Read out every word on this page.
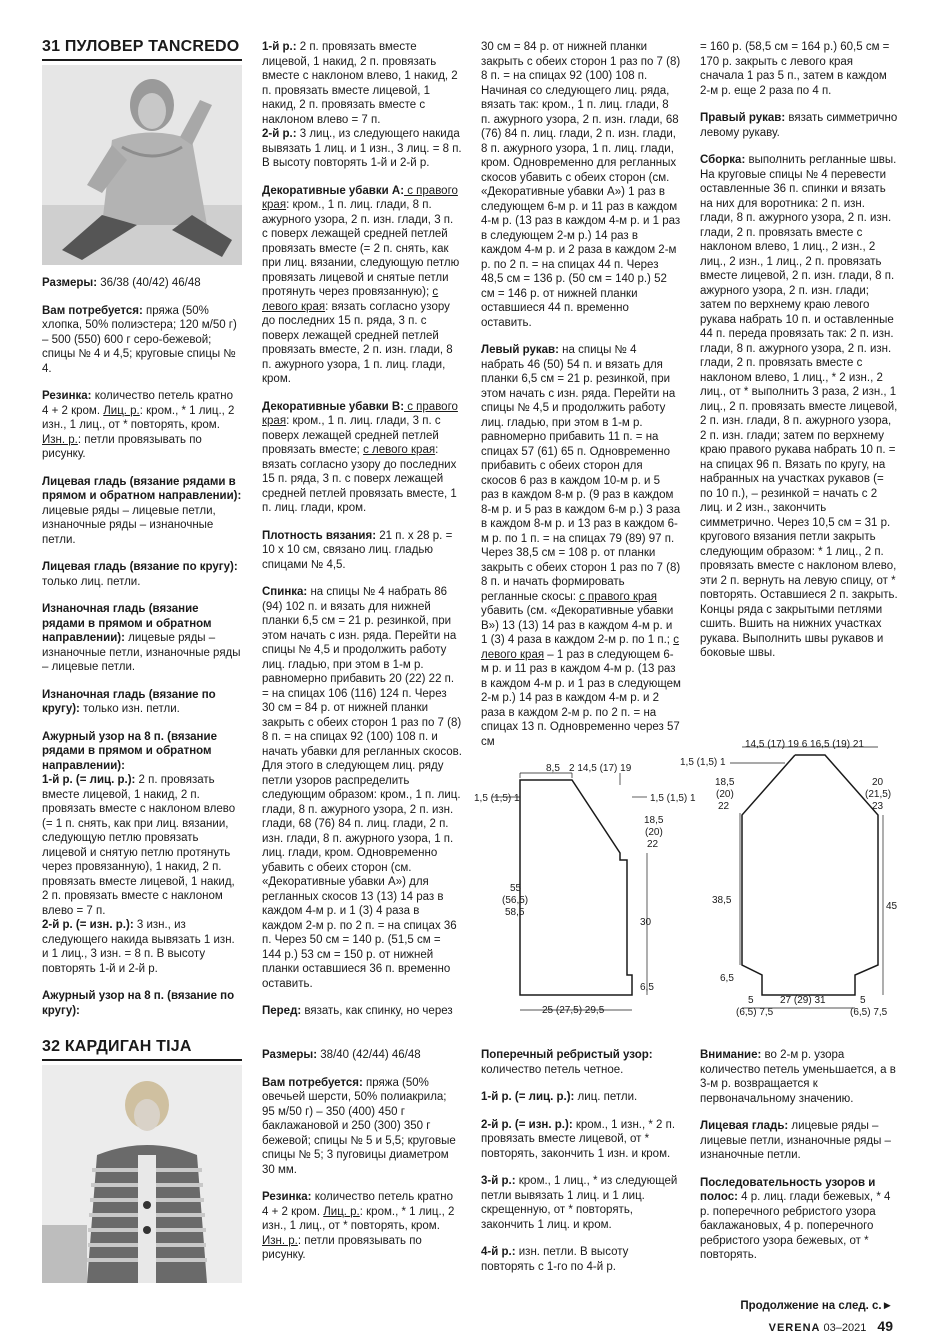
31 ПУЛОВЕР TANCREDO

Размеры: 36/38 (40/42) 46/48

Вам потребуется: пряжа (50% хлопка, 50% полиэстера; 120 м/50 г) – 500 (550) 600 г серо-бежевой; спицы № 4 и 4,5; круговые спицы № 4.

Резинка: количество петель кратно 4 + 2 кром. Лиц. р.: кром., * 1 лиц., 2 изн., 1 лиц., от * повторять, кром. Изн. р.: петли провязывать по рисунку.

Лицевая гладь (вязание рядами в прямом и обратном направлении): лицевые ряды – лицевые петли, изнаночные ряды – изнаночные петли.

Лицевая гладь (вязание по кругу): только лиц. петли.

Изнаночная гладь (вязание рядами в прямом и обратном направлении): лицевые ряды – изнаночные петли, изнаночные ряды – лицевые петли.

Изнаночная гладь (вязание по кругу): только изн. петли.

Ажурный узор на 8 п. (вязание рядами в прямом и обратном направлении):

1-й р. (= лиц. р.): 2 п. провязать вместе лицевой, 1 накид, 2 п. провязать вместе с наклоном влево (= 1 п. снять, как при лиц. вязании, следующую петлю провязать лицевой и снятую петлю протянуть через провязанную), 1 накид, 2 п. провязать вместе лицевой, 1 накид, 2 п. провязать вместе с наклоном влево = 7 п.

2-й р. (= изн. р.): 3 изн., из следующего накида вывязать 1 изн. и 1 лиц., 3 изн. = 8 п. В высоту повторять 1-й и 2-й р.

Ажурный узор на 8 п. (вязание по кругу):

1-й р.: 2 п. провязать вместе лицевой, 1 накид, 2 п. провязать вместе с наклоном влево, 1 накид, 2 п. провязать вместе лицевой, 1 накид, 2 п. провязать вместе с наклоном влево = 7 п.

2-й р.: 3 лиц., из следующего накида вывязать 1 лиц. и 1 изн., 3 лиц. = 8 п. В высоту повторять 1-й и 2-й р.

Декоративные убавки А: с правого края: кром., 1 п. лиц. глади, 8 п. ажурного узора, 2 п. изн. глади, 3 п. с поверх лежащей средней петлей провязать вместе (= 2 п. снять, как при лиц. вязании, следующую петлю провязать лицевой и снятые петли протянуть через провязанную); с левого края: вязать согласно узору до последних 15 п. ряда, 3 п. с поверх лежащей средней петлей провязать вместе, 2 п. изн. глади, 8 п. ажурного узора, 1 п. лиц. глади, кром.

Декоративные убавки В: с правого края: кром., 1 п. лиц. глади, 3 п. с поверх лежащей средней петлей провязать вместе; с левого края: вязать согласно узору до последних 15 п. ряда, 3 п. с поверх лежащей средней петлей провязать вместе, 1 п. лиц. глади, кром.

Плотность вязания: 21 п. х 28 р. = 10 х 10 см, связано лиц. гладью спицами № 4,5.

Спинка: на спицы № 4 набрать 86 (94) 102 п. и вязать для нижней планки 6,5 см = 21 р. резинкой, при этом начать с изн. ряда. Перейти на спицы № 4,5 и продолжить работу лиц. гладью, при этом в 1-м р. равномерно прибавить 20 (22) 22 п. = на спицах 106 (116) 124 п. Через 30 см = 84 р. от нижней планки закрыть с обеих сторон 1 раз по 7 (8) 8 п. = на спицах 92 (100) 108 п. и начать убавки для регланных скосов. Для этого в следующем лиц. ряду петли узоров распределить следующим образом: кром., 1 п. лиц. глади, 8 п. ажурного узора, 2 п. изн. глади, 68 (76) 84 п. лиц. глади, 2 п. изн. глади, 8 п. ажурного узора, 1 п. лиц. глади, кром. Одновременно убавить с обеих сторон (см. «Декоративные убавки А») для регланных скосов 13 (13) 14 раз в каждом 4-м р. и 1 (3) 4 раза в каждом 2-м р. по 2 п. = на спицах 36 п. Через 50 см = 140 р. (51,5 см = 144 р.) 53 см = 150 р. от нижней планки оставшиеся 36 п. временно оставить.

Перед: вязать, как спинку, но через

30 см = 84 р. от нижней планки закрыть с обеих сторон 1 раз по 7 (8) 8 п. = на спицах 92 (100) 108 п. Начиная со следующего лиц. ряда, вязать так: кром., 1 п. лиц. глади, 8 п. ажурного узора, 2 п. изн. глади, 68 (76) 84 п. лиц. глади, 2 п. изн. глади, 8 п. ажурного узора, 1 п. лиц. глади, кром. Одновременно для регланных скосов убавить с обеих сторон (см. «Декоративные убавки А») 1 раз в следующем 6-м р. и 11 раз в каждом 4-м р. (13 раз в каждом 4-м р. и 1 раз в следующем 2-м р.) 14 раз в каждом 4-м р. и 2 раза в каждом 2-м р. по 2 п. = на спицах 44 п. Через 48,5 см = 136 р. (50 см = 140 р.) 52 см = 146 р. от нижней планки оставшиеся 44 п. временно оставить.

Левый рукав: на спицы № 4 набрать 46 (50) 54 п. и вязать для планки 6,5 см = 21 р. резинкой, при этом начать с изн. ряда. Перейти на спицы № 4,5 и продолжить работу лиц. гладью, при этом в 1-м р. равномерно прибавить 11 п. = на спицах 57 (61) 65 п. Одновременно прибавить с обеих сторон для скосов 6 раз в каждом 10-м р. и 5 раз в каждом 8-м р. (9 раз в каждом 8-м р. и 5 раз в каждом 6-м р.) 3 раза в каждом 8-м р. и 13 раз в каждом 6-м р. по 1 п. = на спицах 79 (89) 97 п. Через 38,5 см = 108 р. от планки закрыть с обеих сторон 1 раз по 7 (8) 8 п. и начать формировать регланные скосы: с правого края убавить (см. «Декоративные убавки В») 13 (13) 14 раз в каждом 4-м р. и 1 (3) 4 раза в каждом 2-м р. по 1 п.; с левого края – 1 раз в следующем 6-м р. и 11 раз в каждом 4-м р. (13 раз в каждом 4-м р. и 1 раз в следующем 2-м р.) 14 раз в каждом 4-м р. и 2 раза в каждом 2-м р. по 2 п. = на спицах 13 п. Одновременно через 57 см

= 160 р. (58,5 см = 164 р.) 60,5 см = 170 р. закрыть с левого края сначала 1 раз 5 п., затем в каждом 2-м р. еще 2 раза по 4 п.

Правый рукав: вязать симметрично левому рукаву.

Сборка: выполнить регланные швы. На круговые спицы № 4 перевести оставленные 36 п. спинки и вязать на них для воротника: 2 п. изн. глади, 8 п. ажурного узора, 2 п. изн. глади, 2 п. провязать вместе с наклоном влево, 1 лиц., 2 изн., 2 лиц., 2 изн., 1 лиц., 2 п. провязать вместе лицевой, 2 п. изн. глади, 8 п. ажурного узора, 2 п. изн. глади; затем по верхнему краю левого рукава набрать 10 п. и оставленные 44 п. переда провязать так: 2 п. изн. глади, 8 п. ажурного узора, 2 п. изн. глади, 2 п. провязать вместе с наклоном влево, 1 лиц., * 2 изн., 2 лиц., от * выполнить 3 раза, 2 изн., 1 лиц., 2 п. провязать вместе лицевой, 2 п. изн. глади, 8 п. ажурного узора, 2 п. изн. глади; затем по верхнему краю правого рукава набрать 10 п. = на спицах 96 п. Вязать по кругу, на набранных на участках рукавов (= по 10 п.), – резинкой = начать с 2 лиц. и 2 изн., закончить симметрично. Через 10,5 см = 31 р. кругового вязания петли закрыть следующим образом: * 1 лиц., 2 п. провязать вместе с наклоном влево, эти 2 п. вернуть на левую спицу, от * повторять. Оставшиеся 2 п. закрыть. Концы ряда с закрытыми петлями сшить. Вшить на нижних участках рукава. Выполнить швы рукавов и боковые швы.

8,5 2 14,5 (17) 19
1,5 (1,5) 1	1,5 (1,5) 1
18,5
(20)
22
55
(56,5)
58,5
30
6,5
25 (27,5) 29,5
14,5 (17) 19 6 16,5 (19) 21
1,5 (1,5) 1
18,5
(20)
22
20
(21,5)
23
38,5
45
6,5
5
(6,5) 7,5
27 (29) 31	5
(6,5) 7,5
32 КАРДИГАН TIJA	Размеры: 38/40 (42/44) 46/48

Вам потребуется: пряжа (50% овечьей шерсти, 50% полиакрила; 95 м/50 г) – 350 (400) 450 г баклажановой и 250 (300) 350 г бежевой; спицы № 5 и 5,5; круговые спицы № 5; 3 пуговицы диаметром 30 мм.

Резинка: количество петель кратно 4 + 2 кром. Лиц. р.: кром., * 1 лиц., 2 изн., 1 лиц., от * повторять, кром. Изн. р.: петли провязывать по рисунку.

Поперечный ребристый узор: количество петель четное.

1-й р. (= лиц. р.): лиц. петли.

2-й р. (= изн. р.): кром., 1 изн., * 2 п. провязать вместе лицевой, от * повторять, закончить 1 изн. и кром.

3-й р.: кром., 1 лиц., * из следующей петли вывязать 1 лиц. и 1 лиц. скрещенную, от * повторять, закончить 1 лиц. и кром.

4-й р.: изн. петли. В высоту повторять с 1-го по 4-й р.

Внимание: во 2-м р. узора количество петель уменьшается, а в 3-м р. возвращается к первоначальному значению.

Лицевая гладь: лицевые ряды – лицевые петли, изнаночные ряды – изнаночные петли.

Последовательность узоров и полос: 4 р. лиц. глади бежевых, * 4 р. поперечного ребристого узора баклажановых, 4 р. поперечного ребристого узора бежевых, от * повторять.

Продолжение на след. с.►
VERENA 03–2021 49
